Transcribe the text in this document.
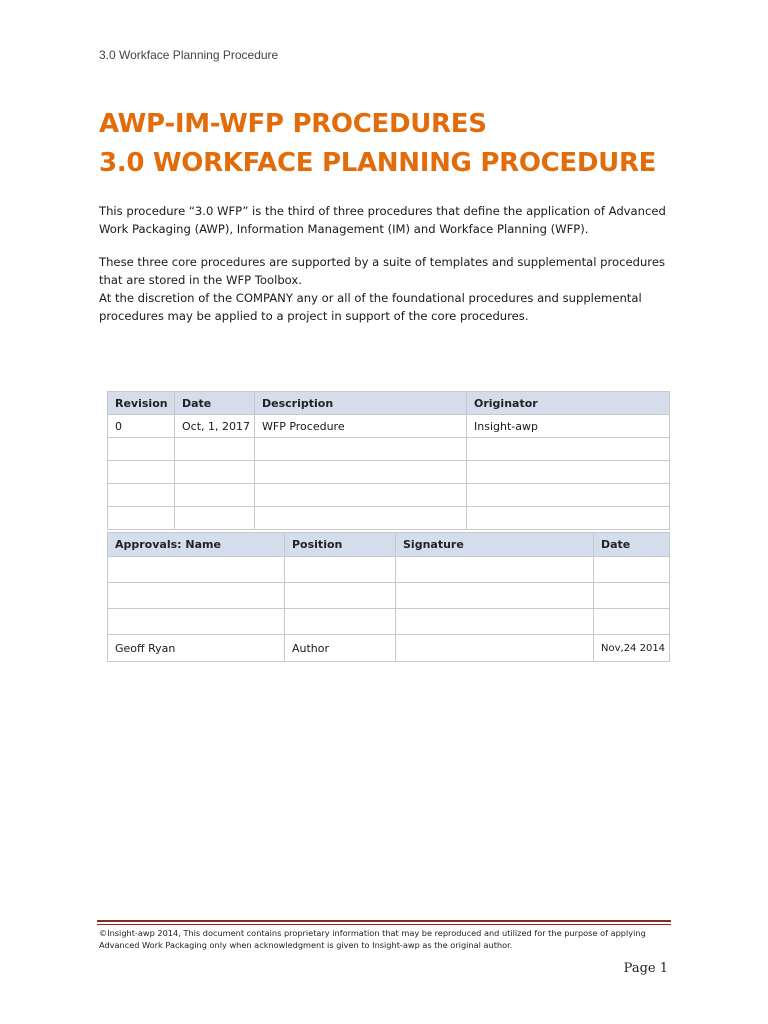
3.0 Workface Planning Procedure
AWP-IM-WFP PROCEDURES
3.0 WORKFACE PLANNING PROCEDURE

This procedure “3.0 WFP” is the third of three procedures that define the application of Advanced Work Packaging (AWP), Information Management (IM) and Workface Planning (WFP).

These three core procedures are supported by a suite of templates and supplemental procedures that are stored in the WFP Toolbox.

At the discretion of the COMPANY any or all of the foundational procedures and supplemental procedures may be applied to a project in support of the core procedures.

Revision	Date	Description	Originator
0	Oct, 1, 2017	WFP Procedure	Insight-awp

Approvals: Name	Position	Signature	Date

Geoff Ryan	Author		Nov,24 2014

©Insight-awp 2014, This document contains proprietary information that may be reproduced and utilized for the purpose of applying Advanced Work Packaging only when acknowledgment is given to Insight-awp as the original author.

Page 1
